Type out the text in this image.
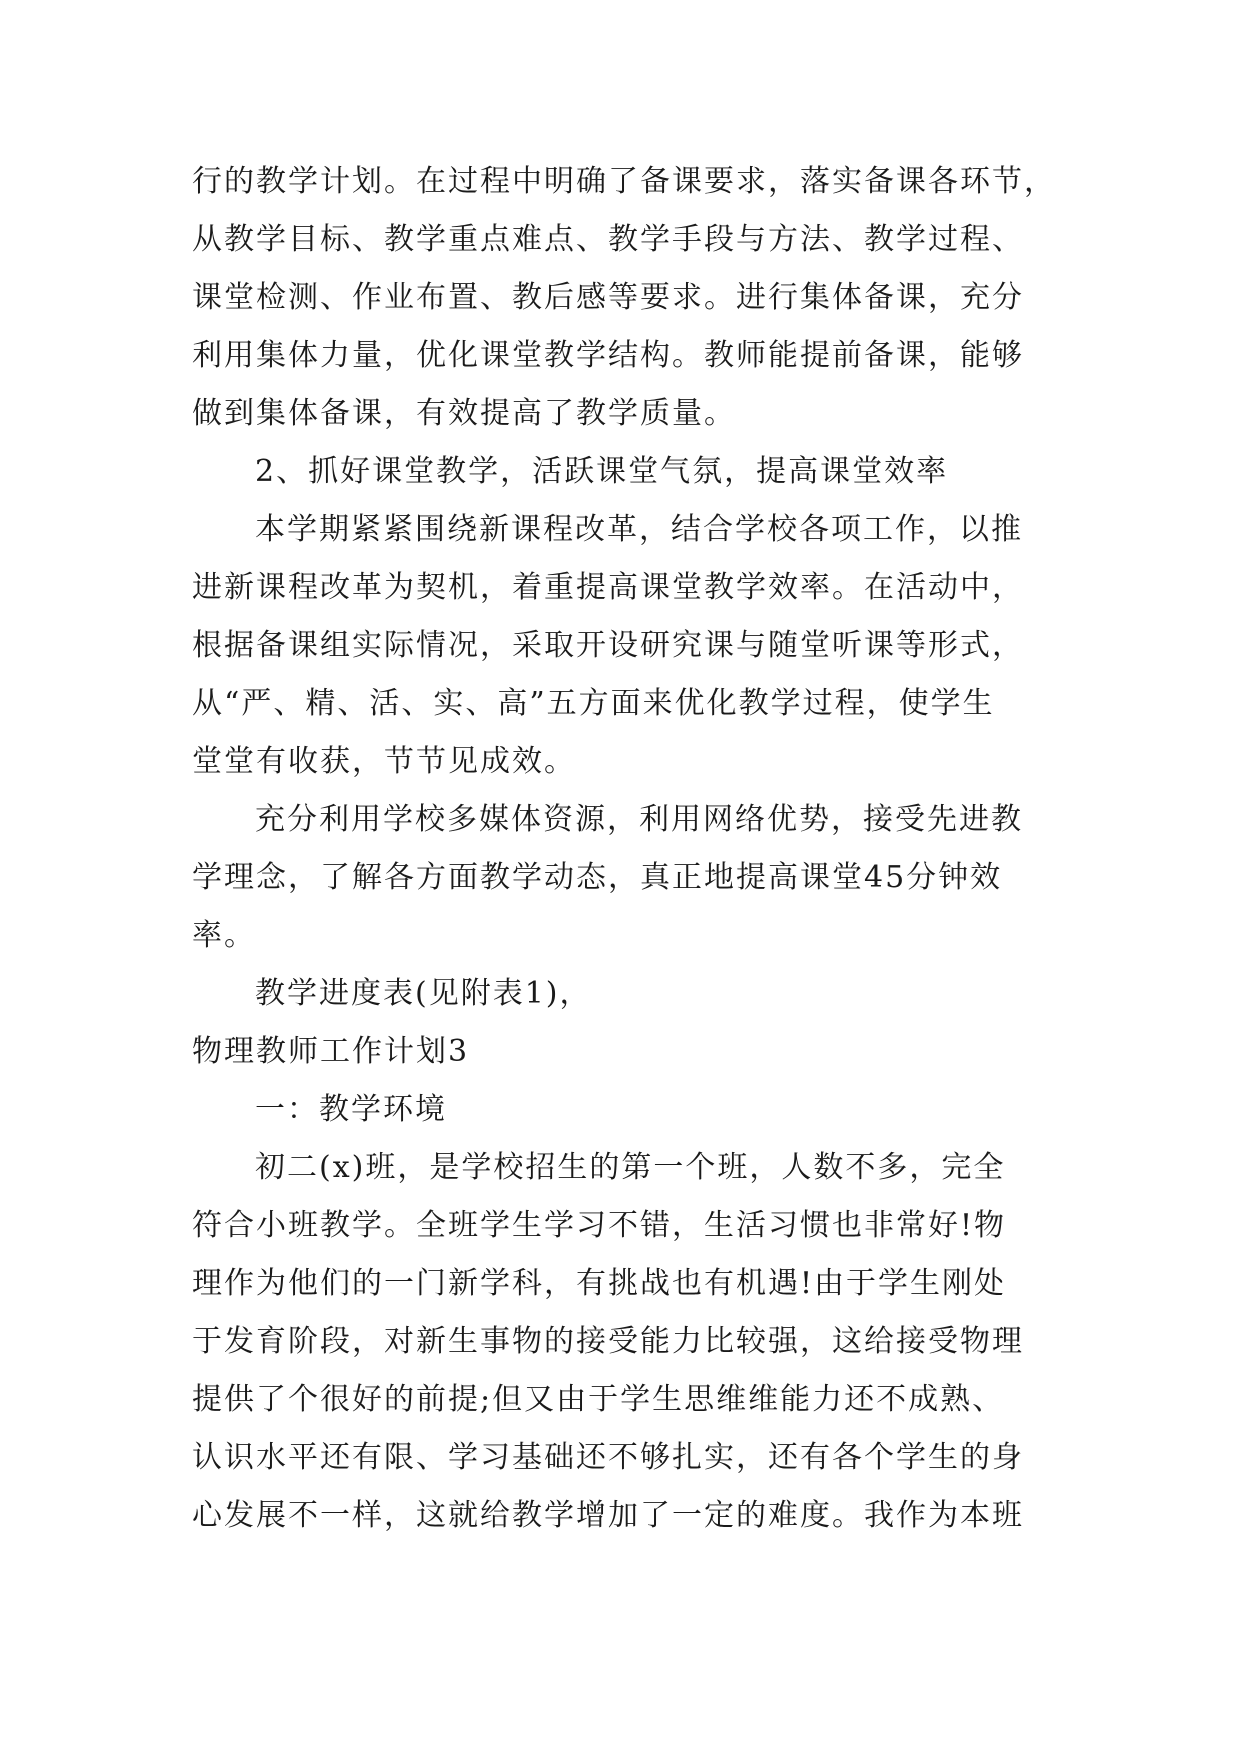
行的教学计划。在过程中明确了备课要求，落实备课各环节，
从教学目标、教学重点难点、教学手段与方法、教学过程、
课堂检测、作业布置、教后感等要求。进行集体备课，充分
利用集体力量，优化课堂教学结构。教师能提前备课，能够
做到集体备课，有效提高了教学质量。
2、抓好课堂教学，活跃课堂气氛，提高课堂效率
本学期紧紧围绕新课程改革，结合学校各项工作，以推
进新课程改革为契机，着重提高课堂教学效率。在活动中，
根据备课组实际情况，采取开设研究课与随堂听课等形式，
从“严、精、活、实、高”五方面来优化教学过程，使学生
堂堂有收获，节节见成效。
充分利用学校多媒体资源，利用网络优势，接受先进教
学理念，了解各方面教学动态，真正地提高课堂45分钟效
率。
教学进度表(见附表1)，
物理教师工作计划3
一：教学环境
初二(x)班，是学校招生的第一个班，人数不多，完全
符合小班教学。全班学生学习不错，生活习惯也非常好!物
理作为他们的一门新学科，有挑战也有机遇!由于学生刚处
于发育阶段，对新生事物的接受能力比较强，这给接受物理
提供了个很好的前提;但又由于学生思维维能力还不成熟、
认识水平还有限、学习基础还不够扎实，还有各个学生的身
心发展不一样，这就给教学增加了一定的难度。我作为本班
